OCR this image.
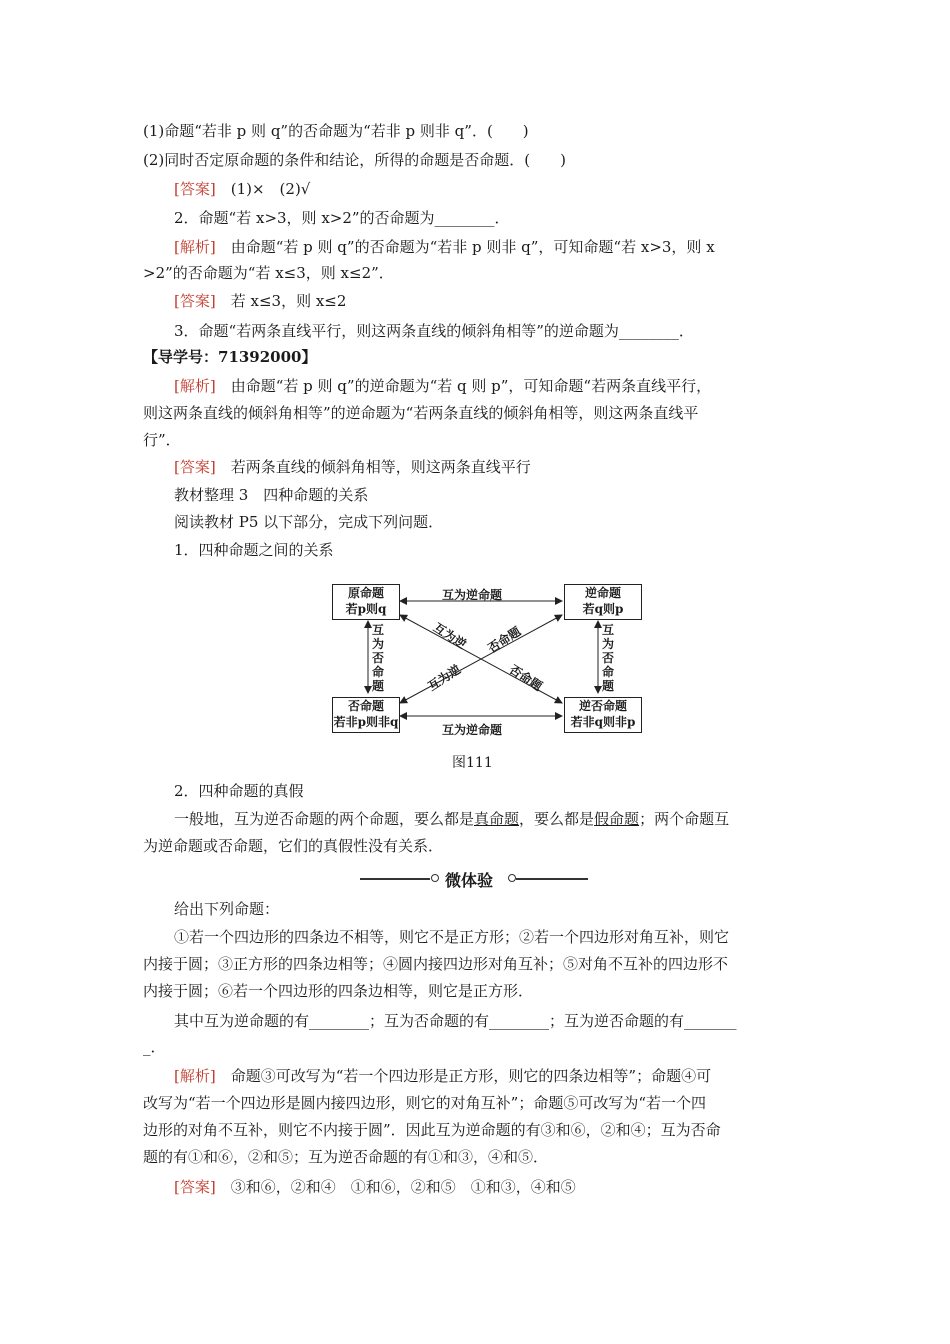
(1)命题“若非 p 则 q”的否命题为“若非 p 则非 q”．(　　)
(2)同时否定原命题的条件和结论，所得的命题是否命题．(　　)
[答案]　 (1)×　(2)√
2．命题“若 x>3，则 x>2”的否命题为________．
[解析]　 由命题“若 p 则 q”的否命题为“若非 p 则非 q”，可知命题“若 x>3，则 x
>2”的否命题为“若 x≤3，则 x≤2”．
[答案]　 若 x≤3，则 x≤2
3．命题“若两条直线平行，则这两条直线的倾斜角相等”的逆命题为________．
【导学号：71392000】
[解析]　 由命题“若 p 则 q”的逆命题为“若 q 则 p”，可知命题“若两条直线平行，
则这两条直线的倾斜角相等”的逆命题为“若两条直线的倾斜角相等，则这两条直线平
行”．
[答案]　 若两条直线的倾斜角相等，则这两条直线平行
教材整理 3　四种命题的关系
阅读教材 P5 以下部分，完成下列问题．
1．四种命题之间的关系
原命题
若p则q
逆命题
若q则p
否命题
若非p则非q
逆否命题
若非q则非p
互为逆命题
互为逆命题
互为否命题
互为否命题
互为逆
否命题
否命题
互为逆
图111
2．四种命题的真假
一般地，互为逆否命题的两个命题，要么都是真命题，要么都是假命题；两个命题互
为逆命题或否命题，它们的真假性没有关系．
微体验
给出下列命题：
①若一个四边形的四条边不相等，则它不是正方形；②若一个四边形对角互补，则它
内接于圆；③正方形的四条边相等；④圆内接四边形对角互补；⑤对角不互补的四边形不
内接于圆；⑥若一个四边形的四条边相等，则它是正方形．
其中互为逆命题的有________；互为否命题的有________；互为逆否命题的有_______
_．
[解析]　 命题③可改写为“若一个四边形是正方形，则它的四条边相等”；命题④可
改写为“若一个四边形是圆内接四边形，则它的对角互补”；命题⑤可改写为“若一个四
边形的对角不互补，则它不内接于圆”．因此互为逆命题的有③和⑥，②和④；互为否命
题的有①和⑥，②和⑤；互为逆否命题的有①和③，④和⑤．
[答案]　 ③和⑥，②和④　①和⑥，②和⑤　①和③，④和⑤
